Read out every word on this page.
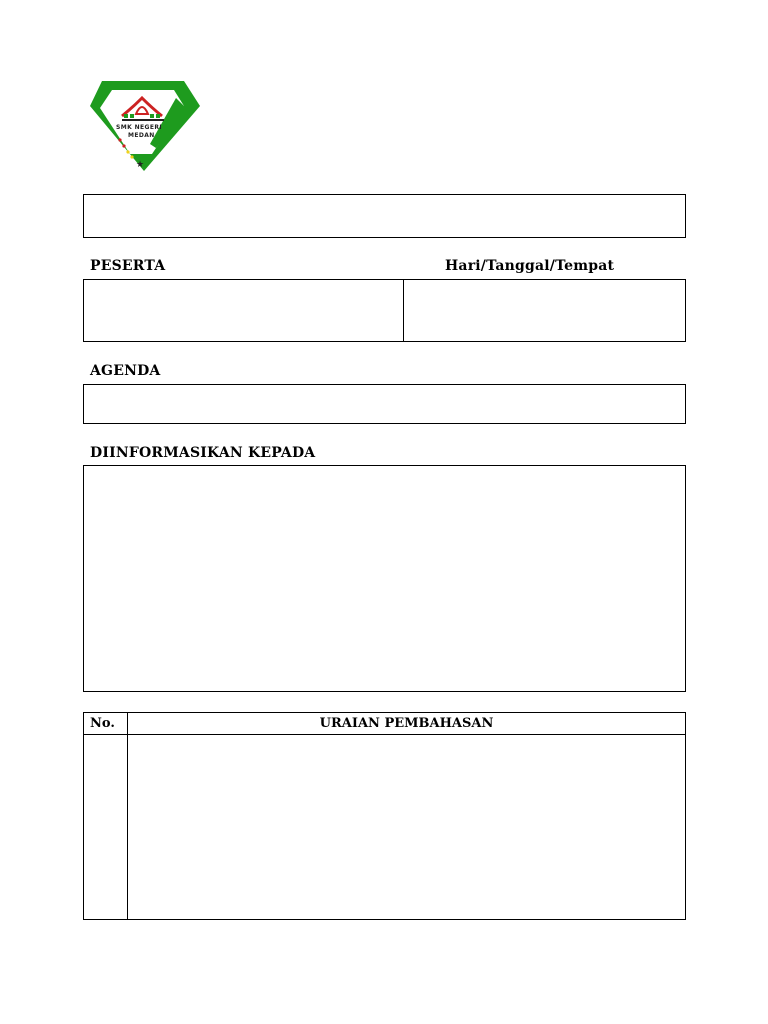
SMK NEGERI
MEDAN
★
PESERTA	Hari/Tanggal/Tempat
AGENDA
DIINFORMASIKAN KEPADA
No.	URAIAN PEMBAHASAN
